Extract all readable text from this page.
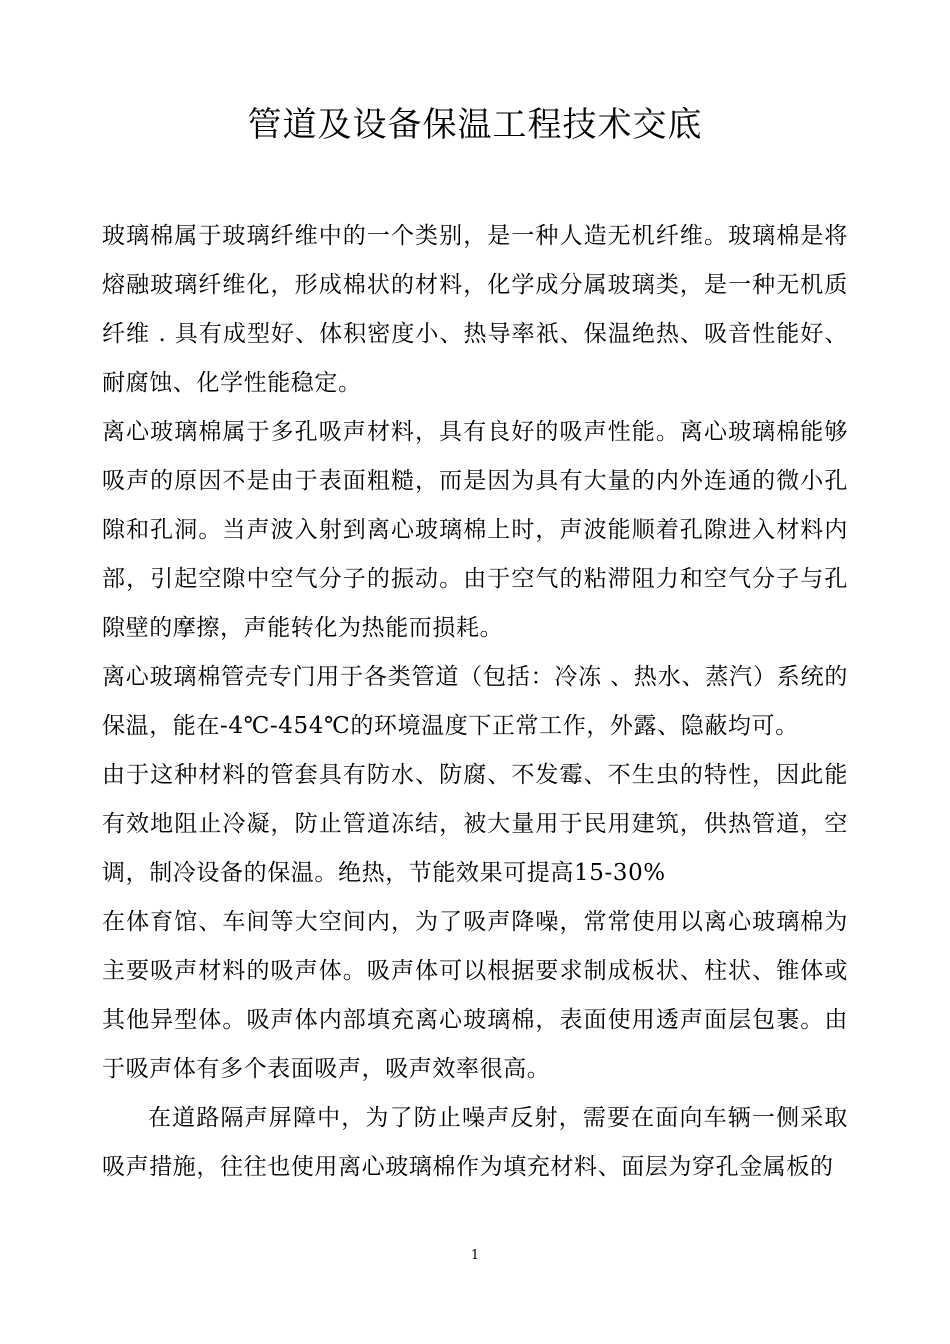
管道及设备保温工程技术交底

玻璃棉属于玻璃纤维中的一个类别，是一种人造无机纤维。玻璃棉是将熔融玻璃纤维化，形成棉状的材料，化学成分属玻璃类，是一种无机质纤维 . 具有成型好、体积密度小、热导率祇、保温绝热、吸音性能好、耐腐蚀、化学性能稳定。

离心玻璃棉属于多孔吸声材料，具有良好的吸声性能。离心玻璃棉能够吸声的原因不是由于表面粗糙，而是因为具有大量的内外连通的微小孔隙和孔洞。当声波入射到离心玻璃棉上时，声波能顺着孔隙进入材料内部，引起空隙中空气分子的振动。由于空气的粘滞阻力和空气分子与孔隙壁的摩擦，声能转化为热能而损耗。

离心玻璃棉管壳专门用于各类管道（包括：冷冻 、热水、蒸汽）系统的保温，能在-4℃-454℃的环境温度下正常工作，外露、隐蔽均可。

由于这种材料的管套具有防水、防腐、不发霉、不生虫的特性，因此能有效地阻止冷凝，防止管道冻结，被大量用于民用建筑，供热管道，空调，制冷设备的保温。绝热，节能效果可提高15-30%

在体育馆、车间等大空间内，为了吸声降噪，常常使用以离心玻璃棉为主要吸声材料的吸声体。吸声体可以根据要求制成板状、柱状、锥体或其他异型体。吸声体内部填充离心玻璃棉，表面使用透声面层包裹。由于吸声体有多个表面吸声，吸声效率很高。

在道路隔声屏障中，为了防止噪声反射，需要在面向车辆一侧采取吸声措施，往往也使用离心玻璃棉作为填充材料、面层为穿孔金属板的

1
